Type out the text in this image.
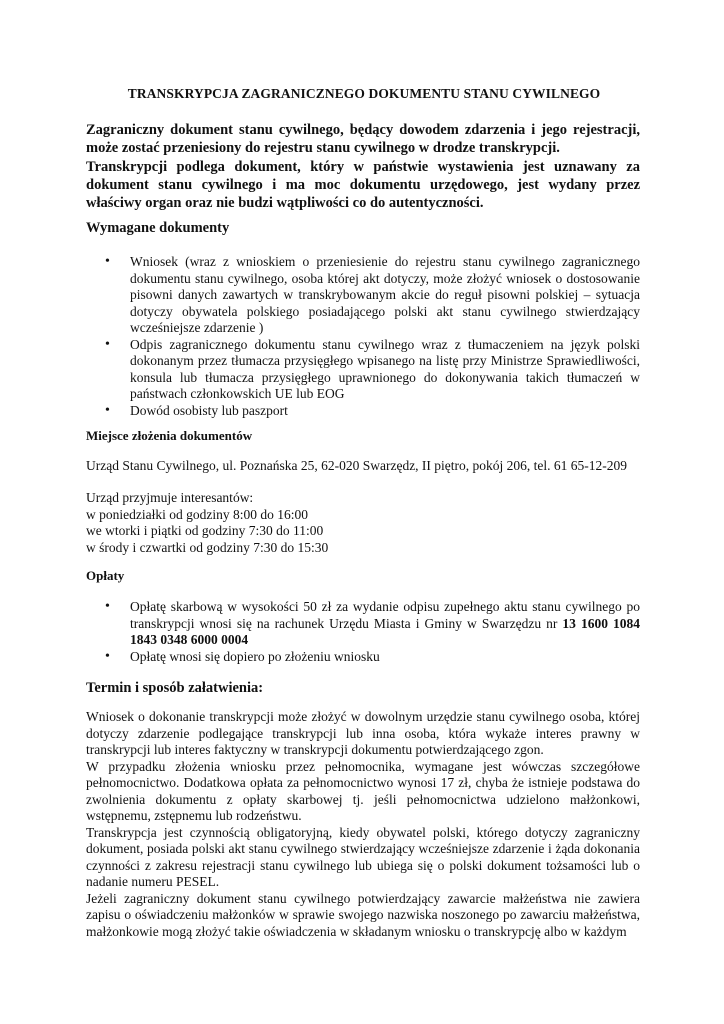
TRANSKRYPCJA ZAGRANICZNEGO DOKUMENTU STANU CYWILNEGO

Zagraniczny dokument stanu cywilnego, będący dowodem zdarzenia i jego rejestracji, może zostać przeniesiony do rejestru stanu cywilnego w drodze transkrypcji.

Transkrypcji podlega dokument, który w państwie wystawienia jest uznawany za dokument stanu cywilnego i ma moc dokumentu urzędowego, jest wydany przez właściwy organ oraz nie budzi wątpliwości co do autentyczności.

Wymagane dokumenty
• Wniosek (wraz z wnioskiem o przeniesienie do rejestru stanu cywilnego zagranicznego dokumentu stanu cywilnego, osoba której akt dotyczy, może złożyć wniosek o dostosowanie pisowni danych zawartych w transkrybowanym akcie do reguł pisowni polskiej – sytuacja dotyczy obywatela polskiego posiadającego polski akt stanu cywilnego stwierdzający wcześniejsze zdarzenie )
• Odpis zagranicznego dokumentu stanu cywilnego wraz z tłumaczeniem na język polski dokonanym przez tłumacza przysięgłego wpisanego na listę przy Ministrze Sprawiedliwości, konsula lub tłumacza przysięgłego uprawnionego do dokonywania takich tłumaczeń w państwach członkowskich UE lub EOG
• Dowód osobisty lub paszport
Miejsce złożenia dokumentów
Urząd Stanu Cywilnego, ul. Poznańska 25, 62-020 Swarzędz, II piętro, pokój 206, tel. 61 65-12-209
Urząd przyjmuje interesantów:
w poniedziałki od godziny 8:00 do 16:00
we wtorki i piątki od godziny 7:30 do 11:00
w środy i czwartki od godziny 7:30 do 15:30
Opłaty
• Opłatę skarbową w wysokości 50 zł za wydanie odpisu zupełnego aktu stanu cywilnego po transkrypcji wnosi się na rachunek Urzędu Miasta i Gminy w Swarzędzu nr 13 1600 1084 1843 0348 6000 0004
• Opłatę wnosi się dopiero po złożeniu wniosku
Termin i sposób załatwienia:

Wniosek o dokonanie transkrypcji może złożyć w dowolnym urzędzie stanu cywilnego osoba, której dotyczy zdarzenie podlegające transkrypcji lub inna osoba, która wykaże interes prawny w transkrypcji lub interes faktyczny w transkrypcji dokumentu potwierdzającego zgon.

W przypadku złożenia wniosku przez pełnomocnika, wymagane jest wówczas szczegółowe pełnomocnictwo. Dodatkowa opłata za pełnomocnictwo wynosi 17 zł, chyba że istnieje podstawa do zwolnienia dokumentu z opłaty skarbowej tj. jeśli pełnomocnictwa udzielono małżonkowi, wstępnemu, zstępnemu lub rodzeństwu.

Transkrypcja jest czynnością obligatoryjną, kiedy obywatel polski, którego dotyczy zagraniczny dokument, posiada polski akt stanu cywilnego stwierdzający wcześniejsze zdarzenie i żąda dokonania czynności z zakresu rejestracji stanu cywilnego lub ubiega się o polski dokument tożsamości lub o nadanie numeru PESEL.

Jeżeli zagraniczny dokument stanu cywilnego potwierdzający zawarcie małżeństwa nie zawiera zapisu o oświadczeniu małżonków w sprawie swojego nazwiska noszonego po zawarciu małżeństwa, małżonkowie mogą złożyć takie oświadczenia w składanym wniosku o transkrypcję albo w każdym
